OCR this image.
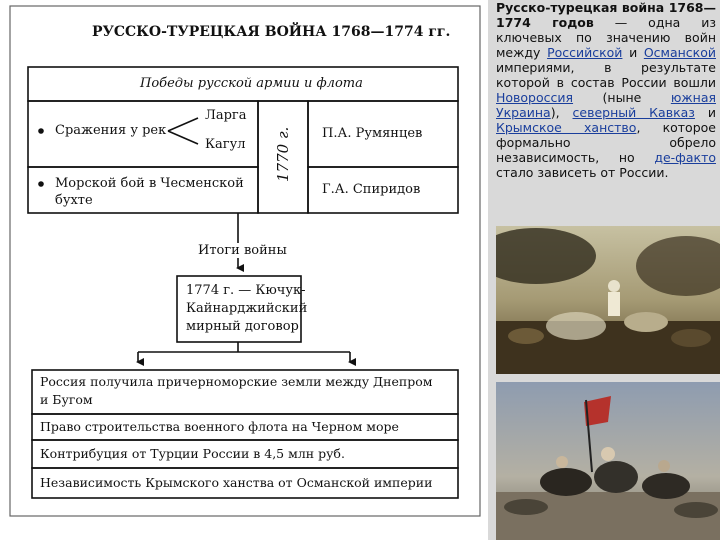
РУССКО-ТУРЕЦКАЯ ВОЙНА 1768—1774 гг.
Победы русской армии и флота
Сражения у рек
Ларга
Кагул
Морской бой в Чесменской
бухте
1770 г. П.А. Румянцев
Г.А. Спиридов
Итоги войны
1774 г. — Кючук-
Кайнарджийский
мирный договор
Россия получила причерноморские земли между Днепром
и Бугом
Право строительства военного флота на Черном море
Контрибуция от Турции России в 4,5 млн руб.
Независимость Крымского ханства от Османской империи
Русско-турецкая война 1768—1774 годов — одна из ключевых по значению войн между Российской и Османской империями, в результате которой в состав России вошли Новороссия (ныне южная Украина), северный Кавказ и Крымское ханство, которое формально обрело независимость, но де-факто стало зависеть от России.
